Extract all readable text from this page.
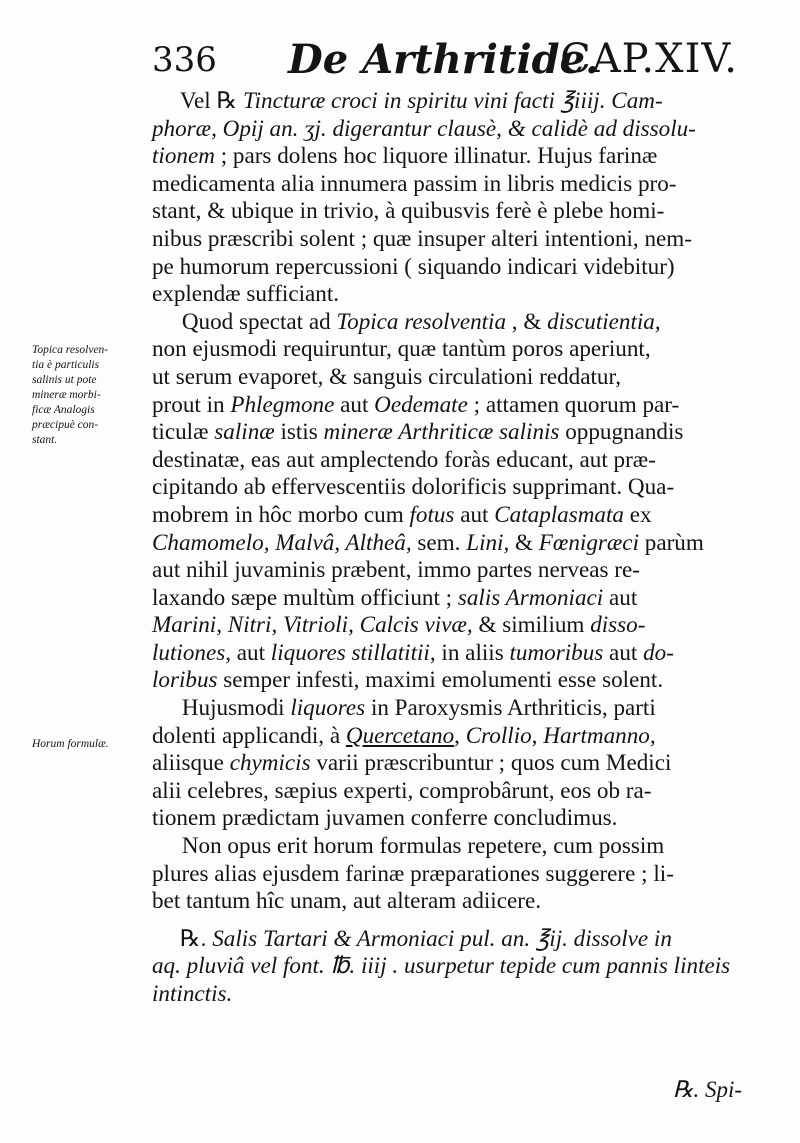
336 De Arthritide.
CAP.XIV.
Topica resolven-
tia è particulis
salinis ut pote
mineræ morbi-
ficæ Analogis
præcipuè con-
stant.
Horum formulæ.
Vel ℞ Tincturæ croci in spiritu vini facti ℥iiij. Cam-
phoræ, Opij an. ʒj. digerantur clausè, & calidè ad dissolu-
tionem ; pars dolens hoc liquore illinatur. Hujus farinæ
medicamenta alia innumera passim in libris medicis pro-
stant, & ubique in trivio, à quibusvis ferè è plebe homi-
nibus præscribi solent ; quæ insuper alteri intentioni, nem-
pe humorum repercussioni ( siquando indicari videbitur)
explendæ sufficiant.
Quod spectat ad Topica resolventia , & discutientia,
non ejusmodi requiruntur, quæ tantùm poros aperiunt,
ut serum evaporet, & sanguis circulationi reddatur,
prout in Phlegmone aut Oedemate ; attamen quorum par-
ticulæ salinæ istis mineræ Arthriticæ salinis oppugnandis
destinatæ, eas aut amplectendo foràs educant, aut præ-
cipitando ab effervescentiis dolorificis supprimant. Qua-
mobrem in hôc morbo cum fotus aut Cataplasmata ex
Chamomelo, Malvâ, Altheâ, sem. Lini, & Fœnigræci parùm
aut nihil juvaminis præbent, immo partes nerveas re-
laxando sæpe multùm officiunt ; salis Armoniaci aut
Marini, Nitri, Vitrioli, Calcis vivæ, & similium disso-
lutiones, aut liquores stillatitii, in aliis tumoribus aut do-
loribus semper infesti, maximi emolumenti esse solent.
Hujusmodi liquores in Paroxysmis Arthriticis, parti
dolenti applicandi, à Quercetano, Crollio, Hartmanno,
aliisque chymicis varii præscribuntur ; quos cum Medici
alii celebres, sæpius experti, comprobârunt, eos ob ra-
tionem prædictam juvamen conferre concludimus.
Non opus erit horum formulas repetere, cum possim
plures alias ejusdem farinæ præparationes suggerere ; li-
bet tantum hîc unam, aut alteram adiicere.
℞. Salis Tartari & Armoniaci pul. an. ℥ij. dissolve in
aq. pluviâ vel font. ℔. iiij . usurpetur tepide cum pannis linteis
intinctis.
℞. Spi-
